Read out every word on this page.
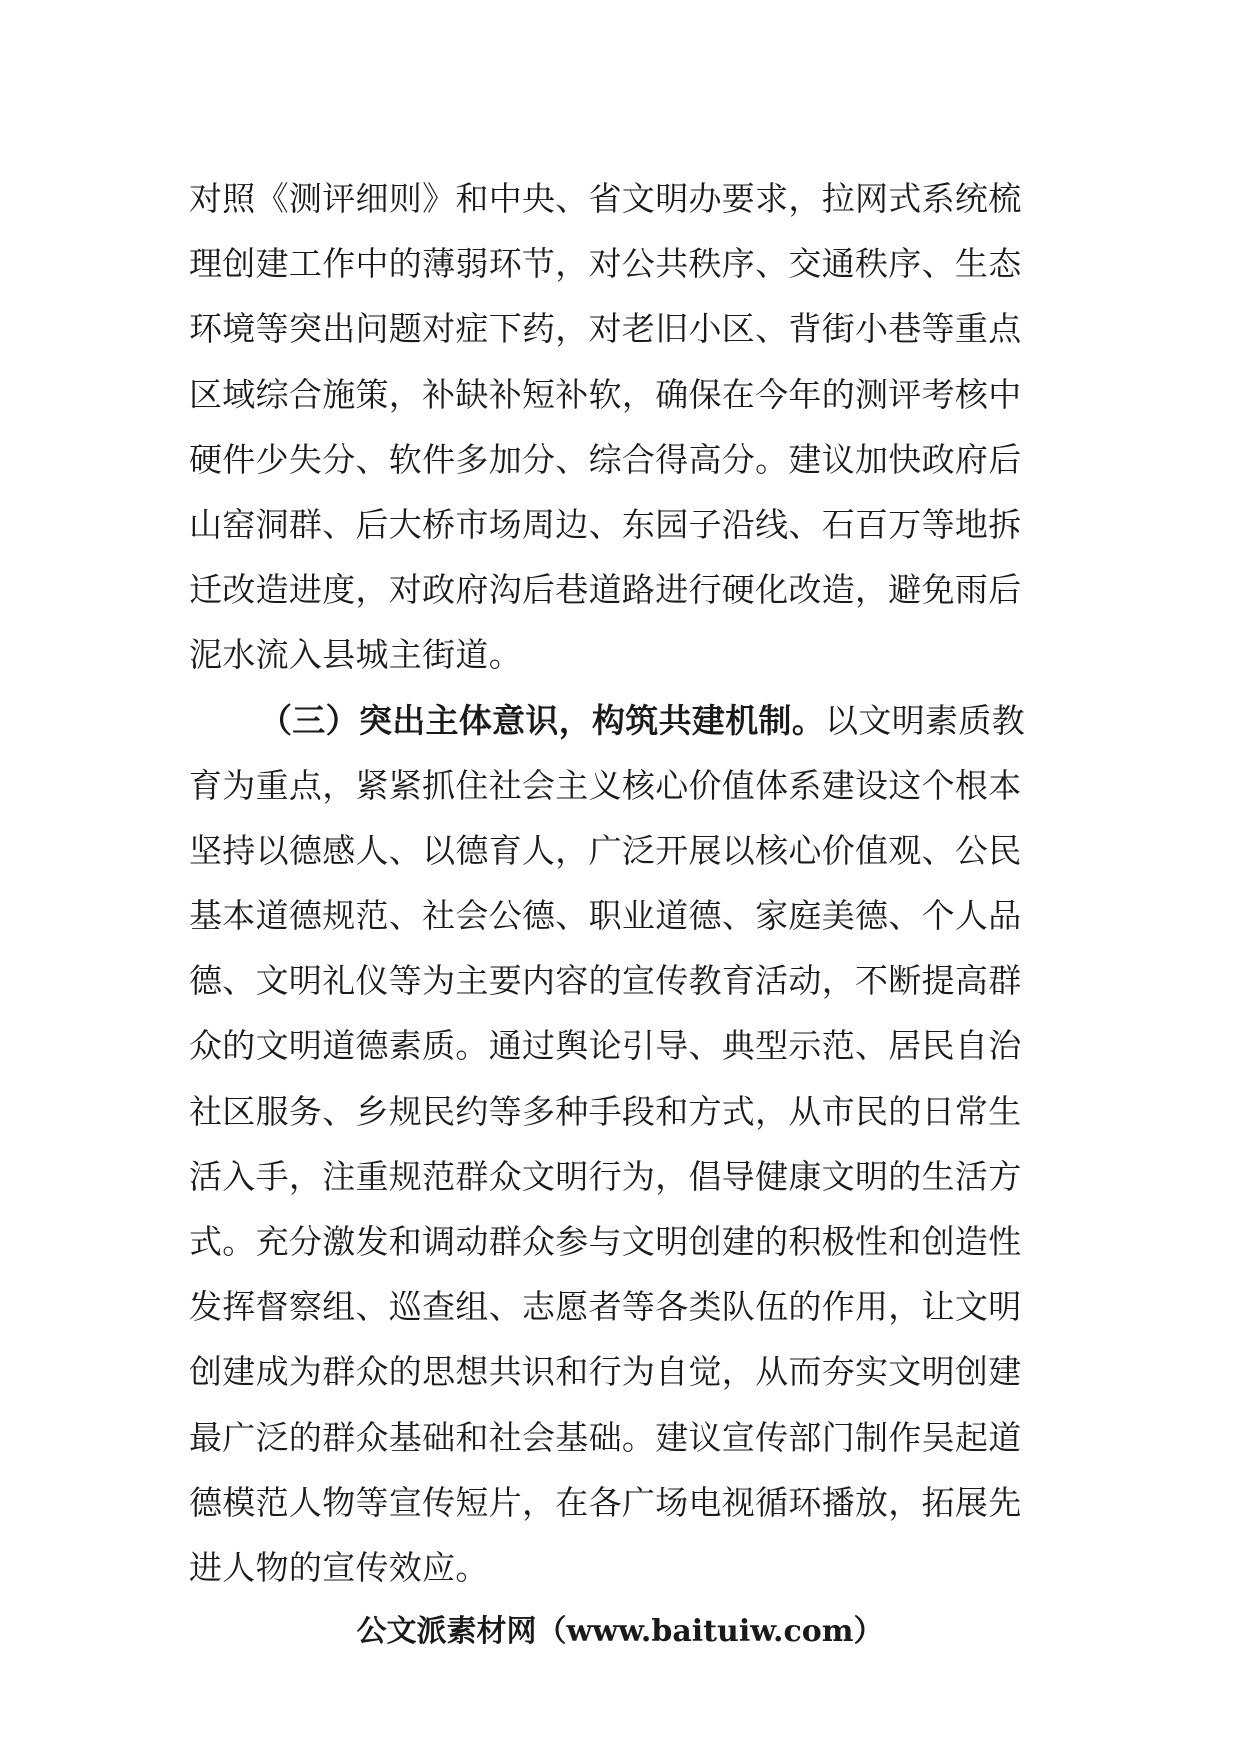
对照《测评细则》和中央、省文明办要求，拉网式系统梳
理创建工作中的薄弱环节，对公共秩序、交通秩序、生态
环境等突出问题对症下药，对老旧小区、背街小巷等重点
区域综合施策，补缺补短补软，确保在今年的测评考核中
硬件少失分、软件多加分、综合得高分。建议加快政府后
山窑洞群、后大桥市场周边、东园子沿线、石百万等地拆
迁改造进度，对政府沟后巷道路进行硬化改造，避免雨后
泥水流入县城主街道。
（三）突出主体意识，构筑共建机制。以文明素质教
育为重点，紧紧抓住社会主义核心价值体系建设这个根本
坚持以德感人、以德育人，广泛开展以核心价值观、公民
基本道德规范、社会公德、职业道德、家庭美德、个人品
德、文明礼仪等为主要内容的宣传教育活动，不断提高群
众的文明道德素质。通过舆论引导、典型示范、居民自治
社区服务、乡规民约等多种手段和方式，从市民的日常生
活入手，注重规范群众文明行为，倡导健康文明的生活方
式。充分激发和调动群众参与文明创建的积极性和创造性
发挥督察组、巡查组、志愿者等各类队伍的作用，让文明
创建成为群众的思想共识和行为自觉，从而夯实文明创建
最广泛的群众基础和社会基础。建议宣传部门制作吴起道
德模范人物等宣传短片，在各广场电视循环播放，拓展先
进人物的宣传效应。
公文派素材网（www.baituiw.com）
